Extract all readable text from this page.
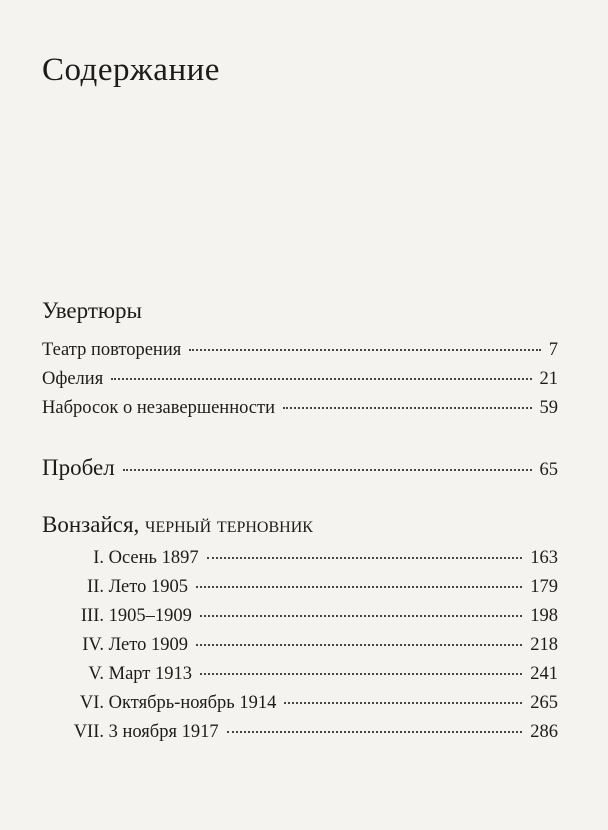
Содержание
Увертюры
Театр повторения	7
Офелия	21
Набросок о незавершенности	59
Пробел	65
Вонзайся, черный терновник
I. Осень 1897	163
II. Лето 1905	179
III. 1905–1909	198
IV. Лето 1909	218
V. Март 1913	241
VI. Октябрь-ноябрь 1914	265
VII. 3 ноября 1917	286
